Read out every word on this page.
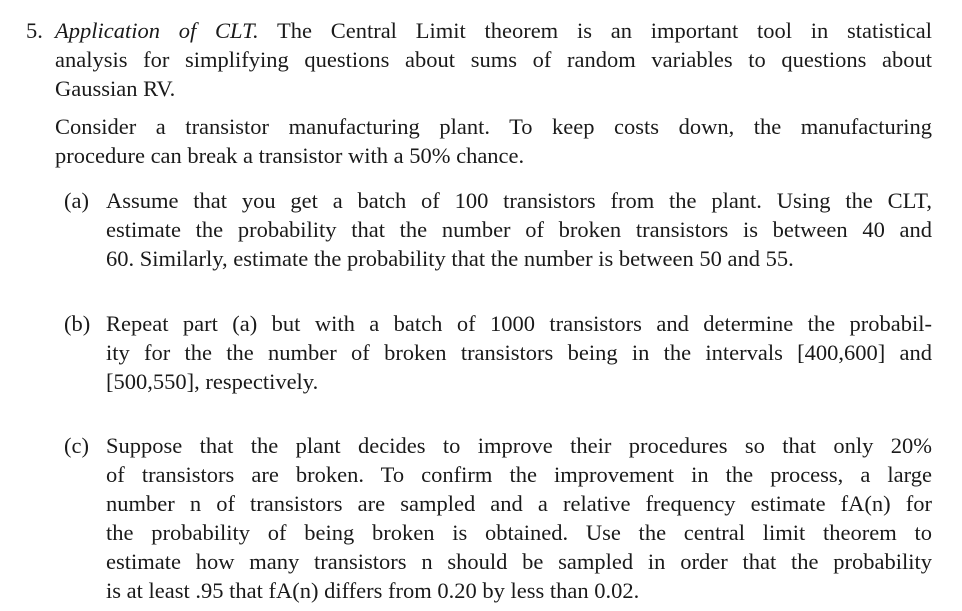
5. Application of CLT. The Central Limit theorem is an important tool in statistical
analysis for simplifying questions about sums of random variables to questions about
Gaussian RV.
Consider a transistor manufacturing plant. To keep costs down, the manufacturing
procedure can break a transistor with a 50% chance.
(a) Assume that you get a batch of 100 transistors from the plant. Using the CLT,
estimate the probability that the number of broken transistors is between 40 and
60. Similarly, estimate the probability that the number is between 50 and 55.
(b) Repeat part (a) but with a batch of 1000 transistors and determine the probabil-
ity for the the number of broken transistors being in the intervals [400,600] and
[500,550], respectively.
(c) Suppose that the plant decides to improve their procedures so that only 20%
of transistors are broken. To confirm the improvement in the process, a large
number n of transistors are sampled and a relative frequency estimate fA(n) for
the probability of being broken is obtained. Use the central limit theorem to
estimate how many transistors n should be sampled in order that the probability
is at least .95 that fA(n) differs from 0.20 by less than 0.02.
